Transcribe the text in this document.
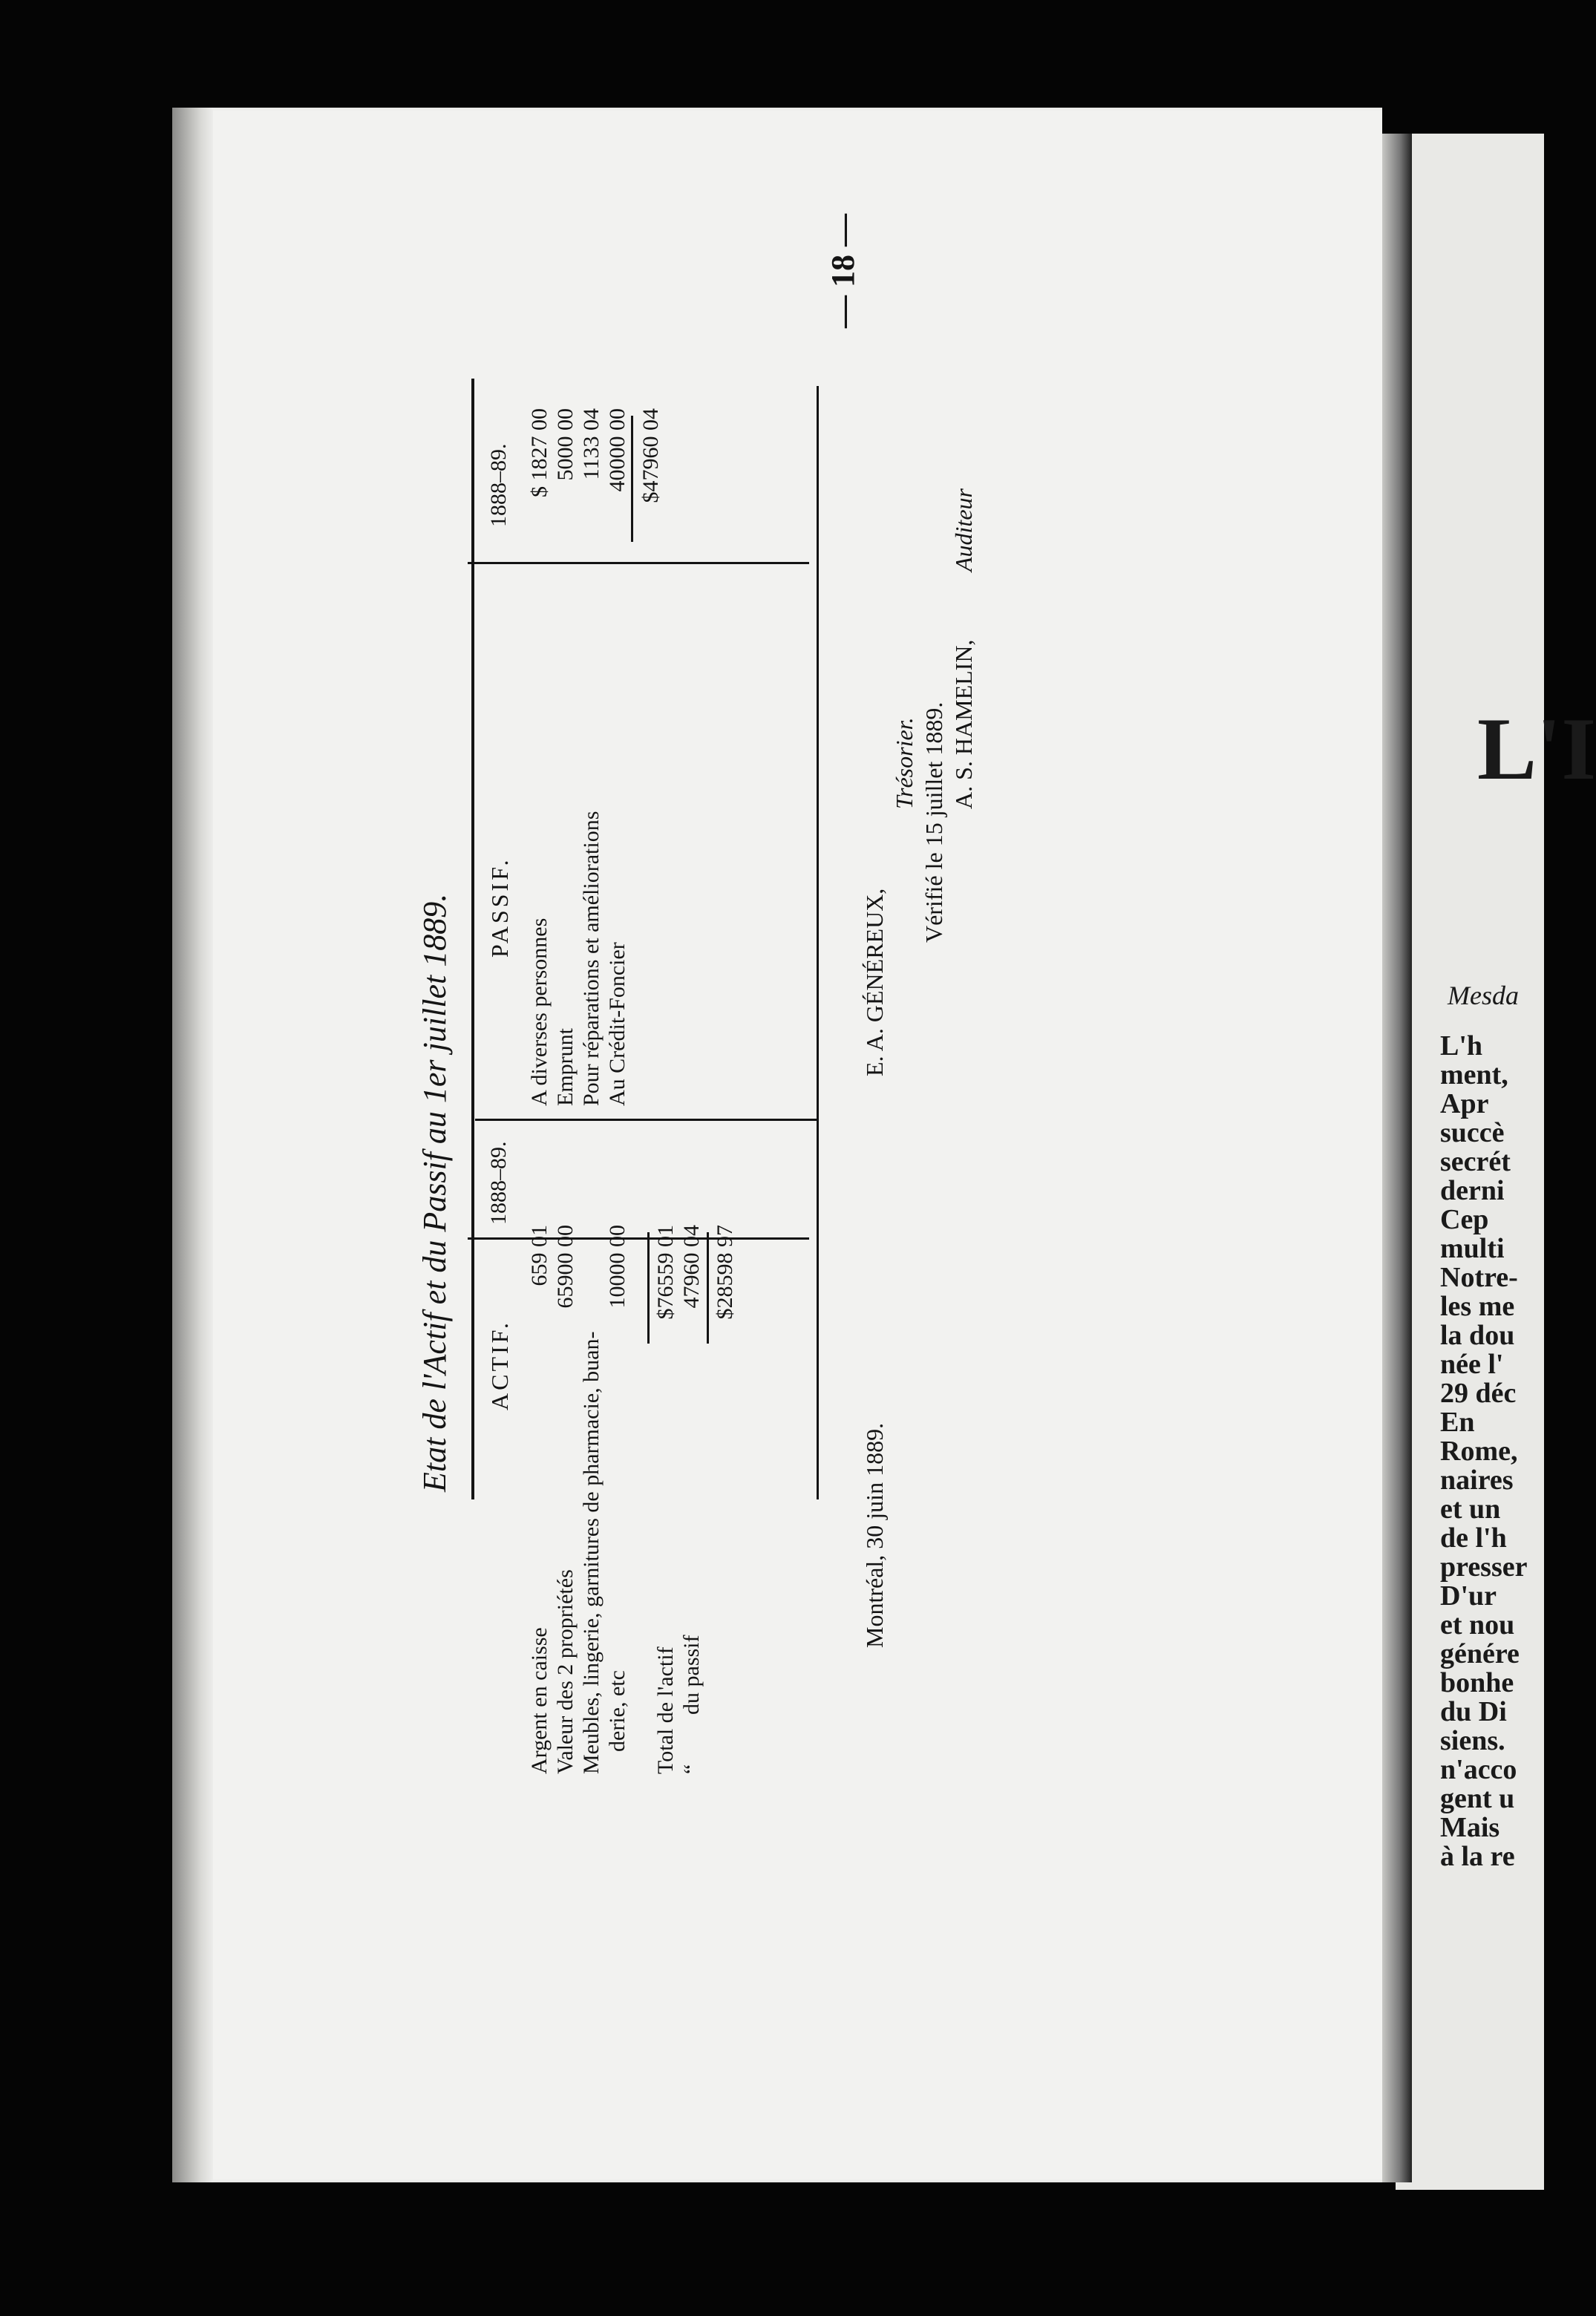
L'I
Mesda
L'h
ment,
Apr
succè
secrét
derni
Cep
multi
Notre-
les me
la dou
née l'
29 déc
En
Rome,
naires
et un
de l'h
presser
D'ur
et nou
génére
bonhe
du Di
siens.
n'acco
gent u
Mais
à la re
— 18 —
Etat de l'Actif et du Passif au 1er juillet 1889. ACTIF.
1888–89.
PASSIF.
1888–89.
Argent en caisse Valeur des 2 propriétés Meubles, lingerie, garnitures de pharmacie, buan- derie, etc
A diverses personnes Emprunt Pour réparations et améliorations Au Crédit-Foncier
$ 1827 00 5000 00 1133 04 40000 00 $47960 04
659 01 65900 00 10000 00
Total de l'actif “
du passif
$76559 01 47960 04 $28598 97
Montréal, 30 juin 1889.
E. A. GÉNÉREUX,
Trésorier. Vérifié le 15 juillet 1889. A. S. HAMELIN,
Auditeur
